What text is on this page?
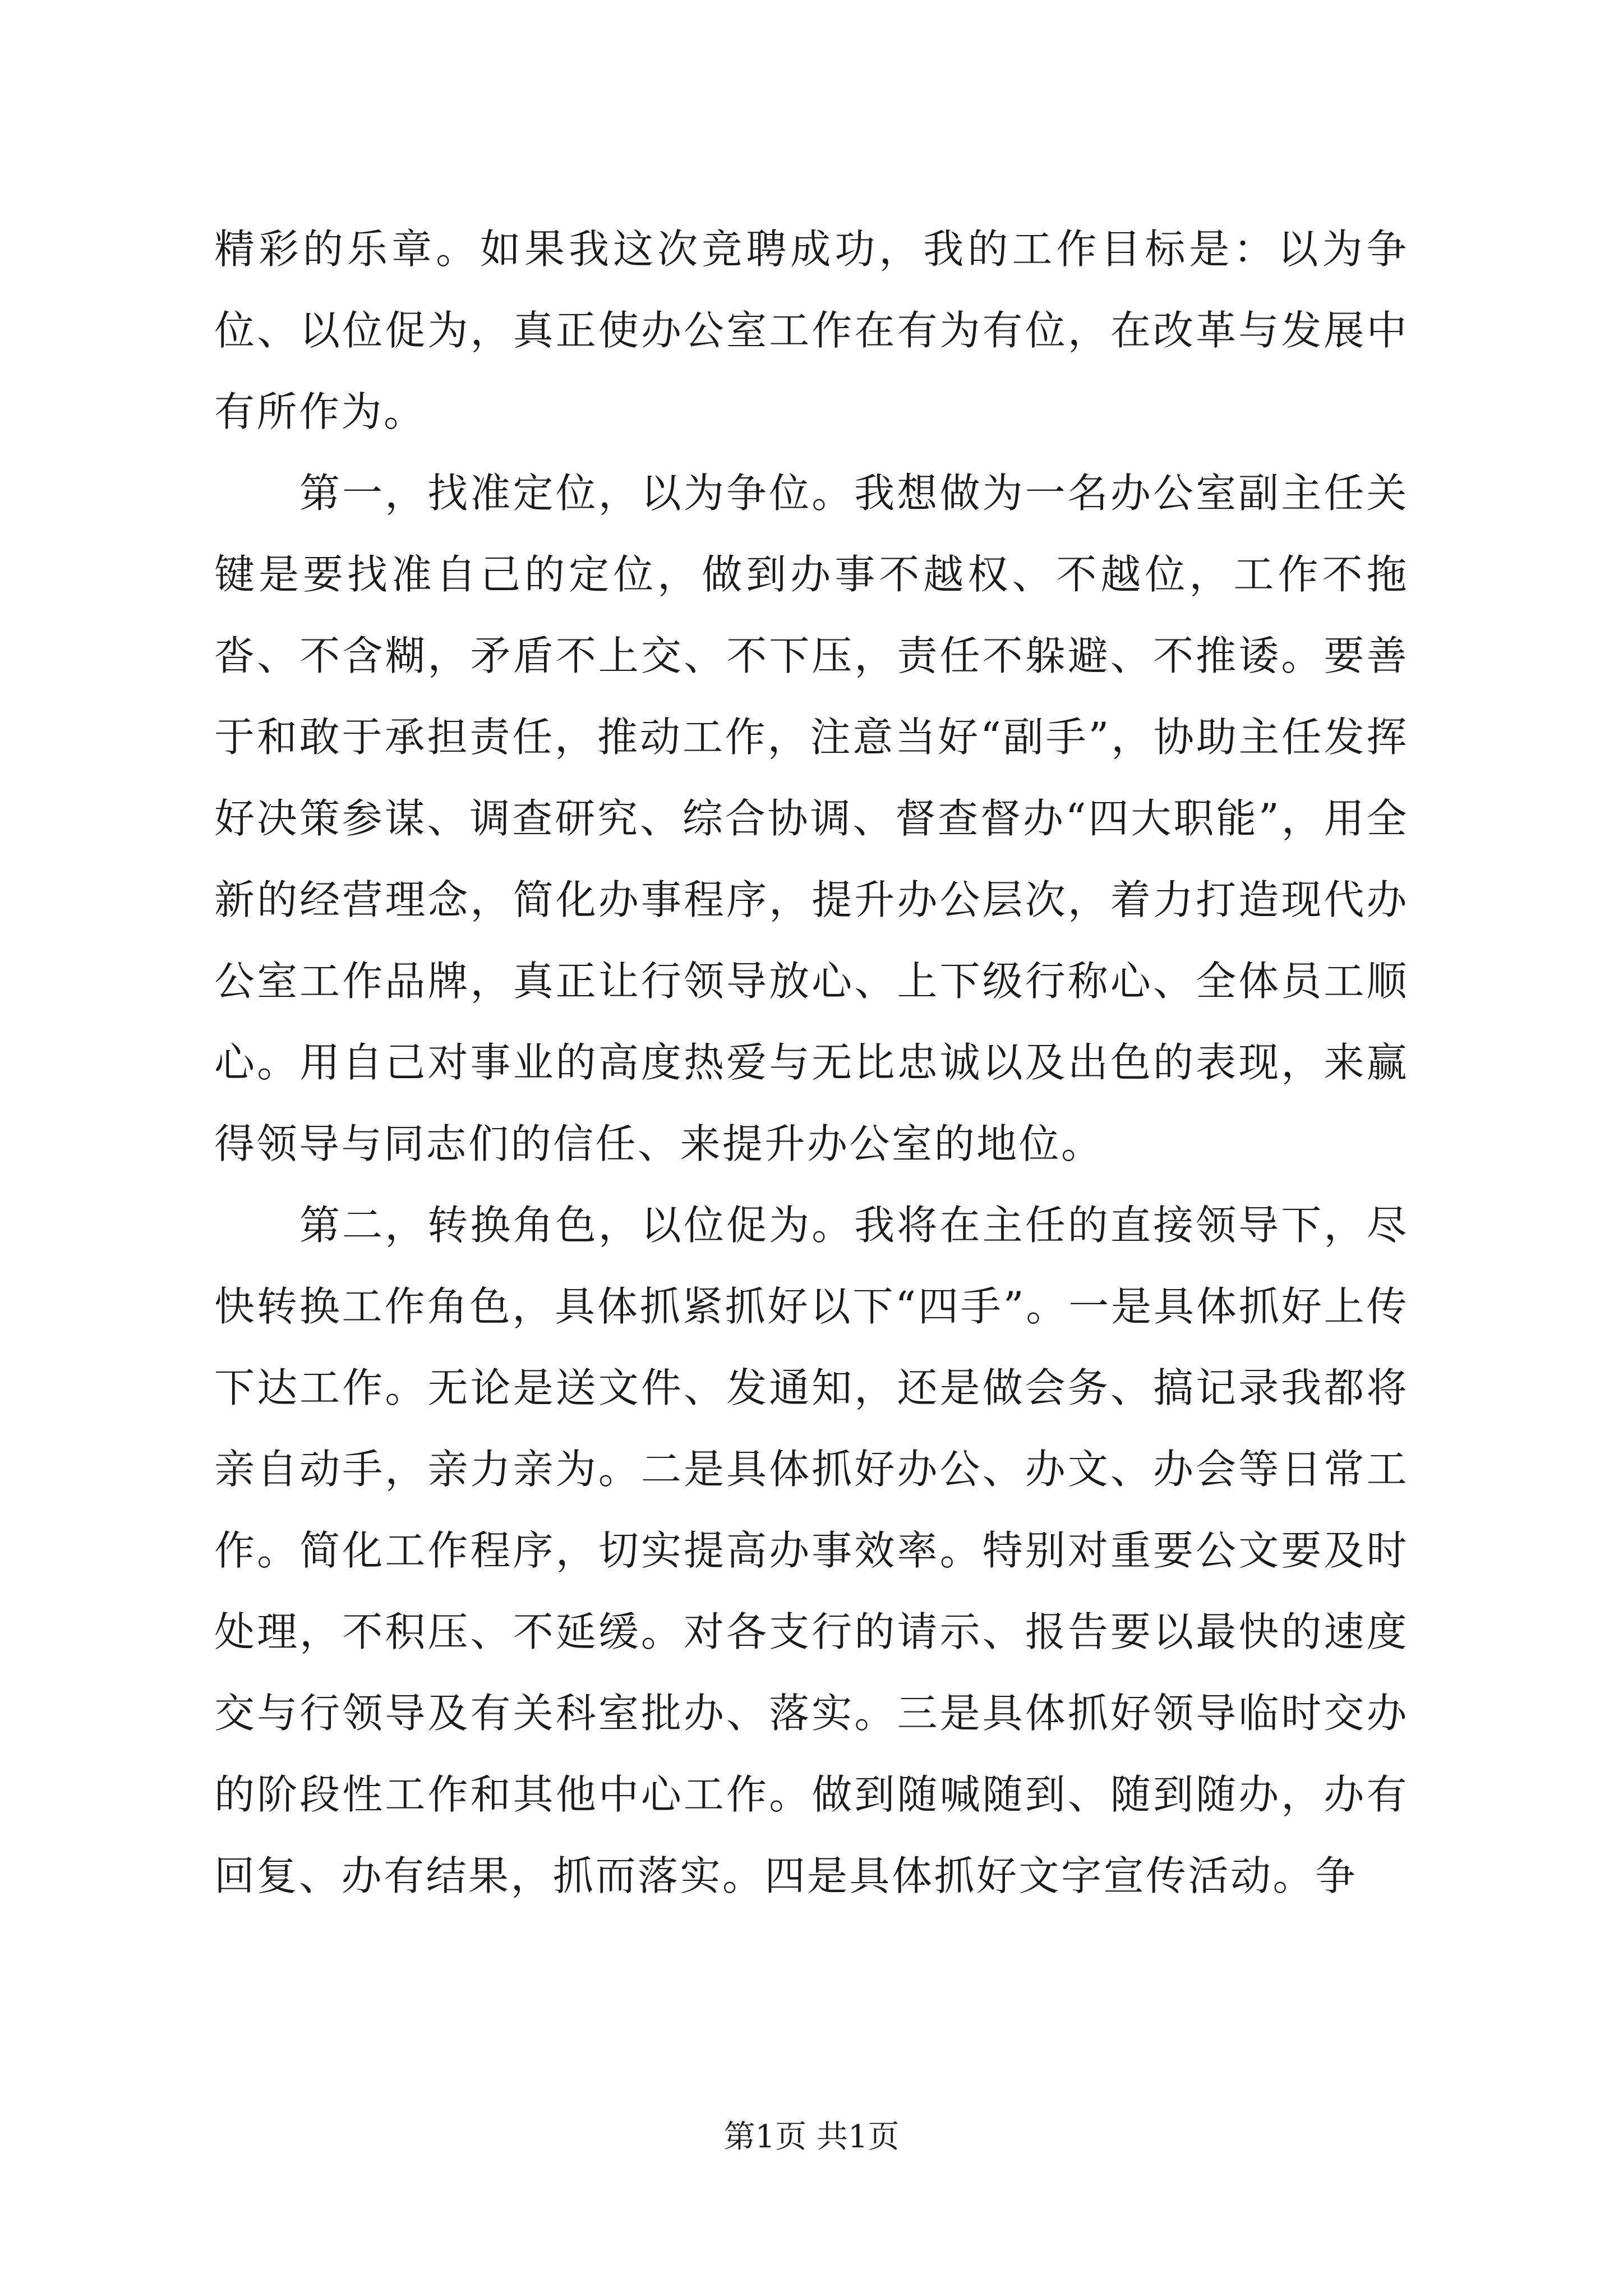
精彩的乐章。如果我这次竞聘成功，我的工作目标是：以为争位、以位促为，真正使办公室工作在有为有位，在改革与发展中有所作为。

第一，找准定位，以为争位。我想做为一名办公室副主任关键是要找准自己的定位，做到办事不越权、不越位，工作不拖沓、不含糊，矛盾不上交、不下压，责任不躲避、不推诿。要善于和敢于承担责任，推动工作，注意当好“副手”，协助主任发挥好决策参谋、调查研究、综合协调、督查督办“四大职能”，用全新的经营理念，简化办事程序，提升办公层次，着力打造现代办公室工作品牌，真正让行领导放心、上下级行称心、全体员工顺心。用自己对事业的高度热爱与无比忠诚以及出色的表现，来赢得领导与同志们的信任、来提升办公室的地位。

第二，转换角色，以位促为。我将在主任的直接领导下，尽快转换工作角色，具体抓紧抓好以下“四手”。一是具体抓好上传下达工作。无论是送文件、发通知，还是做会务、搞记录我都将亲自动手，亲力亲为。二是具体抓好办公、办文、办会等日常工作。简化工作程序，切实提高办事效率。特别对重要公文要及时处理，不积压、不延缓。对各支行的请示、报告要以最快的速度交与行领导及有关科室批办、落实。三是具体抓好领导临时交办的阶段性工作和其他中心工作。做到随喊随到、随到随办，办有回复、办有结果，抓而落实。四是具体抓好文字宣传活动。争

第1页 共1页
